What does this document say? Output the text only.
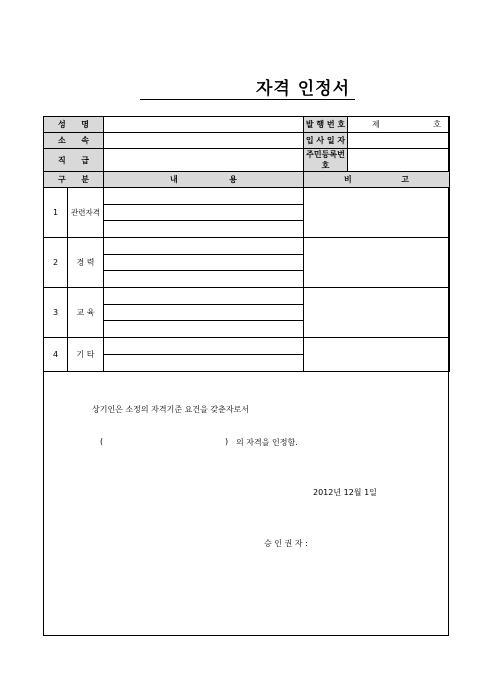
자격 인정서
성 명			발 행 번 호	제 호

소 속			입 사 일 자	

직 급			주민등록번호	

구 분		내 용	비 고	

1	관련자격			

2	경 력			

3	교 육			

4	기 타			

상기인은 소정의 자격기준 요건을 갖춘자로서
(	) 의 자격을 인정함.
2012년 12월 1일
승 인 권 자 :
